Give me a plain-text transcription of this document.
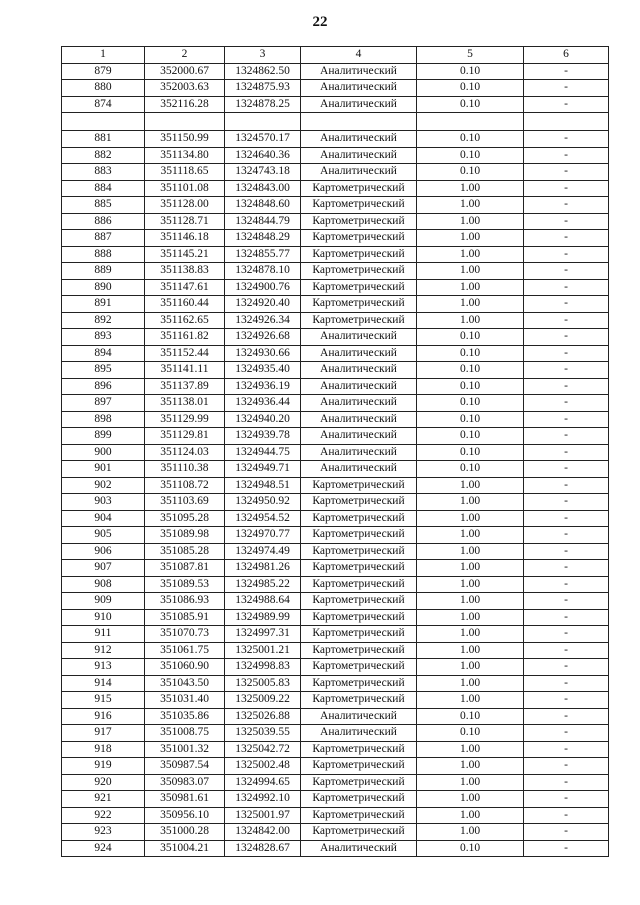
22
1	2	3	4	5	6
879	352000.67	1324862.50	Аналитический	0.10	-
880	352003.63	1324875.93	Аналитический	0.10	-
874	352116.28	1324878.25	Аналитический	0.10	-

881	351150.99	1324570.17	Аналитический	0.10	-
882	351134.80	1324640.36	Аналитический	0.10	-
883	351118.65	1324743.18	Аналитический	0.10	-
884	351101.08	1324843.00	Картометрический	1.00	-
885	351128.00	1324848.60	Картометрический	1.00	-
886	351128.71	1324844.79	Картометрический	1.00	-
887	351146.18	1324848.29	Картометрический	1.00	-
888	351145.21	1324855.77	Картометрический	1.00	-
889	351138.83	1324878.10	Картометрический	1.00	-
890	351147.61	1324900.76	Картометрический	1.00	-
891	351160.44	1324920.40	Картометрический	1.00	-
892	351162.65	1324926.34	Картометрический	1.00	-
893	351161.82	1324926.68	Аналитический	0.10	-
894	351152.44	1324930.66	Аналитический	0.10	-
895	351141.11	1324935.40	Аналитический	0.10	-
896	351137.89	1324936.19	Аналитический	0.10	-
897	351138.01	1324936.44	Аналитический	0.10	-
898	351129.99	1324940.20	Аналитический	0.10	-
899	351129.81	1324939.78	Аналитический	0.10	-
900	351124.03	1324944.75	Аналитический	0.10	-
901	351110.38	1324949.71	Аналитический	0.10	-
902	351108.72	1324948.51	Картометрический	1.00	-
903	351103.69	1324950.92	Картометрический	1.00	-
904	351095.28	1324954.52	Картометрический	1.00	-
905	351089.98	1324970.77	Картометрический	1.00	-
906	351085.28	1324974.49	Картометрический	1.00	-
907	351087.81	1324981.26	Картометрический	1.00	-
908	351089.53	1324985.22	Картометрический	1.00	-
909	351086.93	1324988.64	Картометрический	1.00	-
910	351085.91	1324989.99	Картометрический	1.00	-
911	351070.73	1324997.31	Картометрический	1.00	-
912	351061.75	1325001.21	Картометрический	1.00	-
913	351060.90	1324998.83	Картометрический	1.00	-
914	351043.50	1325005.83	Картометрический	1.00	-
915	351031.40	1325009.22	Картометрический	1.00	-
916	351035.86	1325026.88	Аналитический	0.10	-
917	351008.75	1325039.55	Аналитический	0.10	-
918	351001.32	1325042.72	Картометрический	1.00	-
919	350987.54	1325002.48	Картометрический	1.00	-
920	350983.07	1324994.65	Картометрический	1.00	-
921	350981.61	1324992.10	Картометрический	1.00	-
922	350956.10	1325001.97	Картометрический	1.00	-
923	351000.28	1324842.00	Картометрический	1.00	-
924	351004.21	1324828.67	Аналитический	0.10	-
